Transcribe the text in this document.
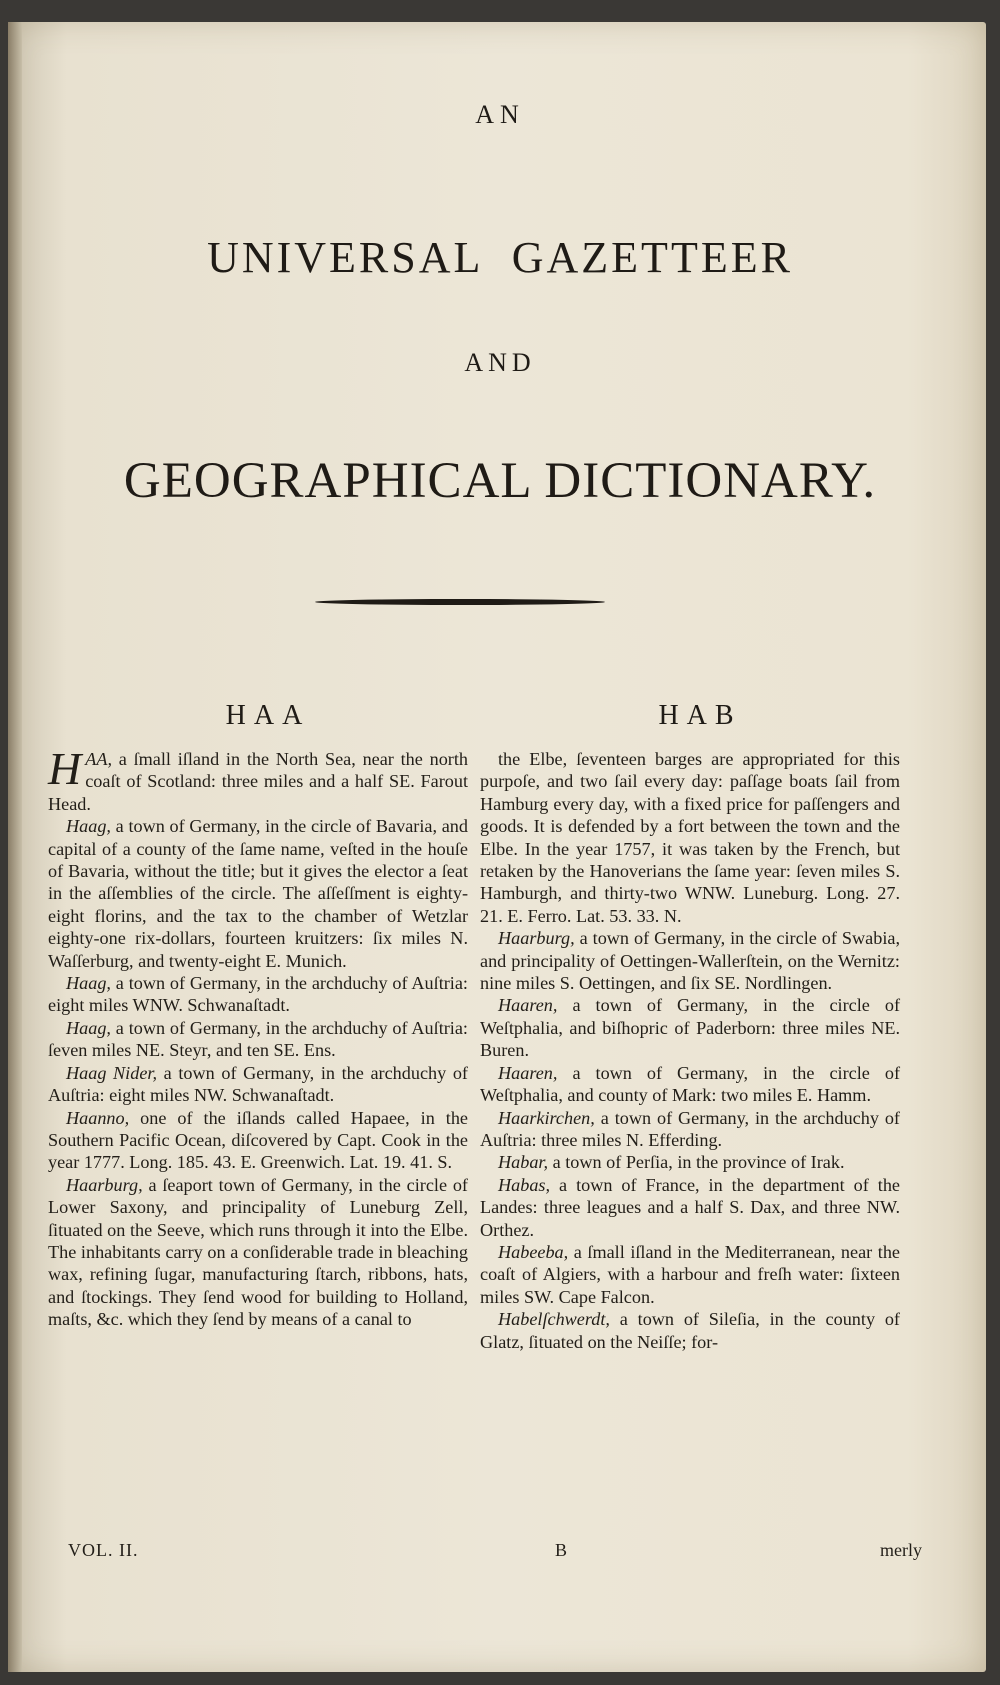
AN
UNIVERSAL GAZETTEER
AND
GEOGRAPHICAL DICTIONARY.
HAA	HAB

HAA, a ſmall iſland in the North Sea, near the north coaſt of Scotland: three miles and a half SE. Farout Head.

Haag, a town of Germany, in the circle of Bavaria, and capital of a county of the ſame name, veſted in the houſe of Bavaria, without the title; but it gives the elector a ſeat in the aſſemblies of the circle. The aſſeſſment is eighty-eight florins, and the tax to the chamber of Wetzlar eighty-one rix-dollars, fourteen kruitzers: ſix miles N. Waſſerburg, and twenty-eight E. Munich.

Haag, a town of Germany, in the archduchy of Auſtria: eight miles WNW. Schwanaſtadt.

Haag, a town of Germany, in the archduchy of Auſtria: ſeven miles NE. Steyr, and ten SE. Ens.

Haag Nider, a town of Germany, in the archduchy of Auſtria: eight miles NW. Schwanaſtadt.

Haanno, one of the iſlands called Hapaee, in the Southern Pacific Ocean, diſcovered by Capt. Cook in the year 1777. Long. 185. 43. E. Greenwich. Lat. 19. 41. S.

Haarburg, a ſeaport town of Germany, in the circle of Lower Saxony, and principality of Luneburg Zell, ſituated on the Seeve, which runs through it into the Elbe. The inhabitants carry on a conſiderable trade in bleaching wax, refining ſugar, manufacturing ſtarch, ribbons, hats, and ſtockings. They ſend wood for building to Holland, maſts, &c. which they ſend by means of a canal to

the Elbe, ſeventeen barges are appropriated for this purpoſe, and two ſail every day: paſſage boats ſail from Hamburg every day, with a fixed price for paſſengers and goods. It is defended by a fort between the town and the Elbe. In the year 1757, it was taken by the French, but retaken by the Hanoverians the ſame year: ſeven miles S. Hamburgh, and thirty-two WNW. Luneburg. Long. 27. 21. E. Ferro. Lat. 53. 33. N.

Haarburg, a town of Germany, in the circle of Swabia, and principality of Oettingen-Wallerſtein, on the Wernitz: nine miles S. Oettingen, and ſix SE. Nordlingen.

Haaren, a town of Germany, in the circle of Weſtphalia, and biſhopric of Paderborn: three miles NE. Buren.

Haaren, a town of Germany, in the circle of Weſtphalia, and county of Mark: two miles E. Hamm.

Haarkirchen, a town of Germany, in the archduchy of Auſtria: three miles N. Efferding.

Habar, a town of Perſia, in the province of Irak.

Habas, a town of France, in the department of the Landes: three leagues and a half S. Dax, and three NW. Orthez.

Habeeba, a ſmall iſland in the Mediterranean, near the coaſt of Algiers, with a harbour and freſh water: ſixteen miles SW. Cape Falcon.

Habelſchwerdt, a town of Sileſia, in the county of Glatz, ſituated on the Neiſſe; for-

VOL. II.	B	merly
